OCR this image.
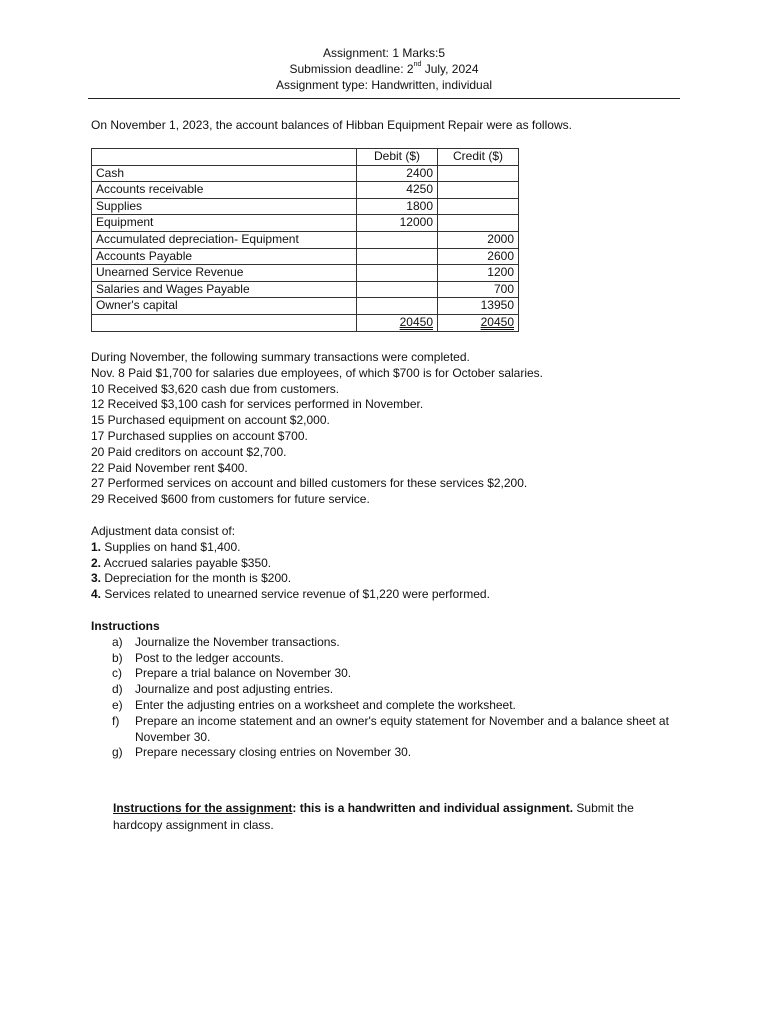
Assignment: 1 Marks:5
Submission deadline: 2nd July, 2024
Assignment type: Handwritten, individual
On November 1, 2023, the account balances of Hibban Equipment Repair were as follows.
	Debit ($)	Credit ($)
Cash	2400	
Accounts receivable	4250	
Supplies	1800	
Equipment	12000	
Accumulated depreciation- Equipment		2000
Accounts Payable		2600
Unearned Service Revenue		1200
Salaries and Wages Payable		700
Owner's capital		13950
	20450	20450
During November, the following summary transactions were completed.
Nov. 8 Paid $1,700 for salaries due employees, of which $700 is for October salaries.
10 Received $3,620 cash due from customers.
12 Received $3,100 cash for services performed in November.
15 Purchased equipment on account $2,000.
17 Purchased supplies on account $700.
20 Paid creditors on account $2,700.
22 Paid November rent $400.
27 Performed services on account and billed customers for these services $2,200.
29 Received $600 from customers for future service.
Adjustment data consist of:
1. Supplies on hand $1,400.
2. Accrued salaries payable $350.
3. Depreciation for the month is $200.
4. Services related to unearned service revenue of $1,220 were performed.
Instructions
a) Journalize the November transactions.
b) Post to the ledger accounts.
c) Prepare a trial balance on November 30.
d) Journalize and post adjusting entries.
e) Enter the adjusting entries on a worksheet and complete the worksheet.
f) Prepare an income statement and an owner's equity statement for November and a balance sheet at November 30.
g) Prepare necessary closing entries on November 30.
Instructions for the assignment: this is a handwritten and individual assignment. Submit the hardcopy assignment in class.
